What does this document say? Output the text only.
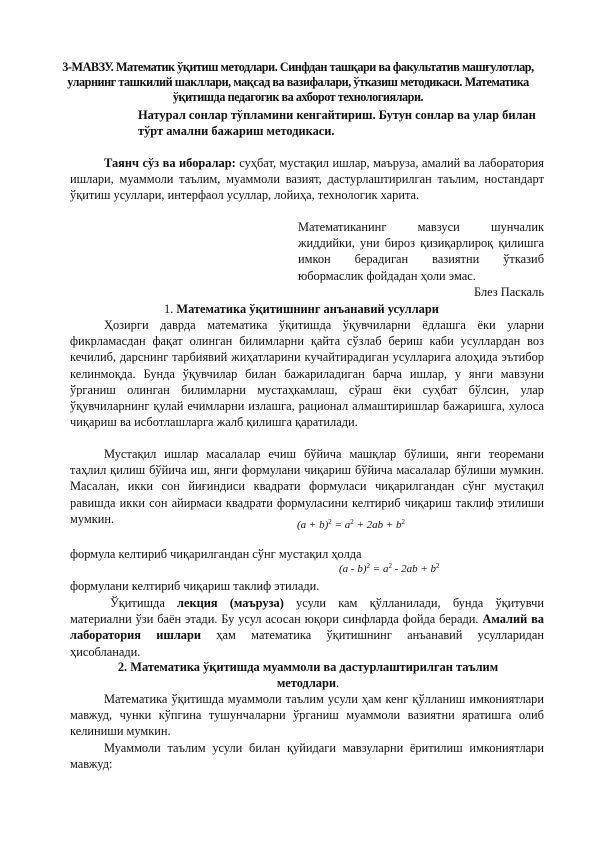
3-МАВЗУ. Математик ўқитиш методлари. Синфдан ташқари ва факультатив машғулотлар, уларнинг ташкилий шакллари, мақсад ва вазифалари, ўтказиш методикаси. Математика ўқитишда педагогик ва ахборот технологиялари.
Натурал сонлар тўпламини кенгайтириш. Бутун сонлар ва улар билан тўрт амални бажариш методикаси.
Таянч сўз ва иборалар: суҳбат, мустақил ишлар, маъруза, амалий ва лаборатория ишлари, муаммоли таълим, муаммоли вазият, дастурлаштирилган таълим, ностандарт ўқитиш усуллари, интерфаол усуллар, лойиҳа, технологик харита.
Математиканинг мавзуси шунчалик жиддийки, уни бироз қизиқарлироқ қилишга имкон берадиган вазиятни ўтказиб юбормаслик фойдадан ҳоли эмас.
Блез Паскаль
1. Математика ўқитишнинг анъанавий усуллари
Ҳозирги даврда математика ўқитишда ўқувчиларни ёдлашга ёки уларни фикрламасдан фақат олинган билимларни қайта сўзлаб бериш каби усуллардан воз кечилиб, дарснинг тарбиявий жиҳатларини кучайтирадиган усулларига алоҳида эътибор келинмоқда. Бунда ўқувчилар билан бажариладиган барча ишлар, у янги мавзуни ўрганиш олинган билимларни мустаҳкамлаш, сўраш ёки суҳбат бўлсин, улар ўқувчиларнинг қулай ечимларни излашга, рационал алмаштиришлар бажаришга, хулоса чиқариш ва исботлашларга жалб қилишга қаратилади.
Мустақил ишлар масалалар ечиш бўйича машқлар бўлиши, янги теоремани таҳлил қилиш бўйича иш, янги формулани чиқариш бўйича масалалар бўлиши мумкин. Масалан, икки сон йиғиндиси квадрати формуласи чиқарилгандан сўнг мустақил равишда икки сон айирмаси квадрати формуласини келтириб чиқариш таклиф этилиши мумкин.	$(a + b)^2 = a^2 + 2ab + b^2$
формула келтириб чиқарилгандан сўнг мустақил ҳолда
$(a - b)^2 = a^2 - 2ab + b^2$
формулани келтириб чиқариш таклиф этилади.
Ўқитишда лекция (маъруза) усули кам қўлланилади, бунда ўқитувчи материални ўзи баён этади. Бу усул асосан юқори синфларда фойда беради. Амалий ва лаборатория ишлари ҳам математика ўқитишнинг анъанавий усулларидан ҳисобланади.
2. Математика ўқитишда муаммоли ва дастурлаштирилган таълим методлари.
Математика ўқитишда муаммоли таълим усули ҳам кенг қўлланиш имкониятлари мавжуд, чунки кўпгина тушунчаларни ўрганиш муаммоли вазиятни яратишга олиб келиниши мумкин.
Муаммоли таълим усули билан қуйидаги мавзуларни ёритилиш имкониятлари мавжуд:
